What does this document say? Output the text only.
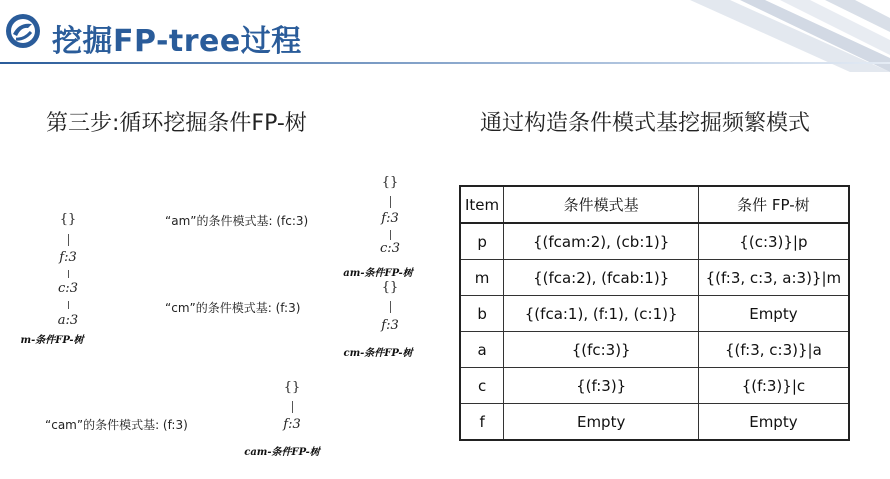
挖掘FP-tree过程
第三步:循环挖掘条件FP-树	通过构造条件模式基挖掘频繁模式
{}
f:3
c:3
a:3
m-条件FP-树
“am”的条件模式基: (fc:3)
{}
f:3
c:3
am-条件FP-树
“cm”的条件模式基: (f:3)
{}
f:3
cm-条件FP-树
“cam”的条件模式基: (f:3)
{}
f:3
cam-条件FP-树
Item	条件模式基	条件 FP-树
p	{(fcam:2), (cb:1)}	{(c:3)}|p
m	{(fca:2), (fcab:1)}	{(f:3, c:3, a:3)}|m
b	{(fca:1), (f:1), (c:1)}	Empty
a	{(fc:3)}	{(f:3, c:3)}|a
c	{(f:3)}	{(f:3)}|c
f	Empty	Empty
